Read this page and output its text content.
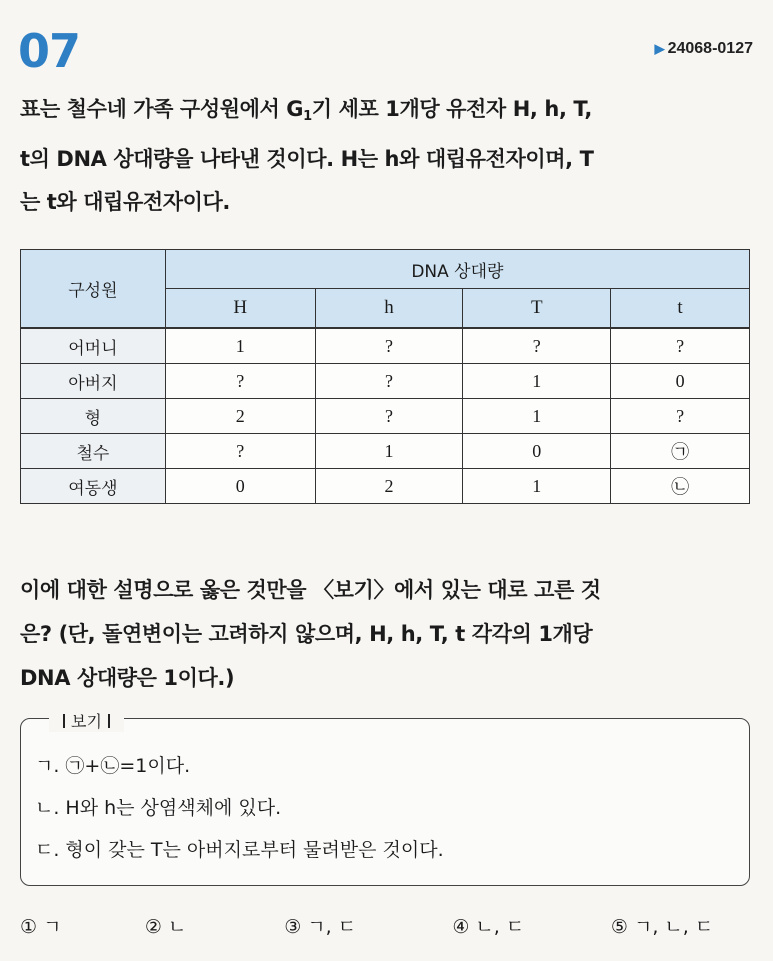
07	▶ 24068-0127
표는 철수네 가족 구성원에서 $G_1$기 세포 1개당 유전자 H, h, T,
t의 DNA 상대량을 나타낸 것이다. H는 h와 대립유전자이며, T
는 t와 대립유전자이다.
구성원	DNA 상대량			
	H	h	T	t
어머니	1	?	?	?
아버지	?	?	1	0
형	2	?	1	?
철수	?	1	0	㉠
여동생	0	2	1	㉡
이에 대한 설명으로 옳은 것만을 〈보기〉에서 있는 대로 고른 것
은? (단, 돌연변이는 고려하지 않으며, H, h, T, t 각각의 1개당
DNA 상대량은 1이다.)
보기
ㄱ. ㉠+㉡=1이다.
ㄴ. H와 h는 상염색체에 있다.
ㄷ. 형이 갖는 T는 아버지로부터 물려받은 것이다.
① ㄱ	② ㄴ	③ ㄱ, ㄷ	④ ㄴ, ㄷ	⑤ ㄱ, ㄴ, ㄷ
